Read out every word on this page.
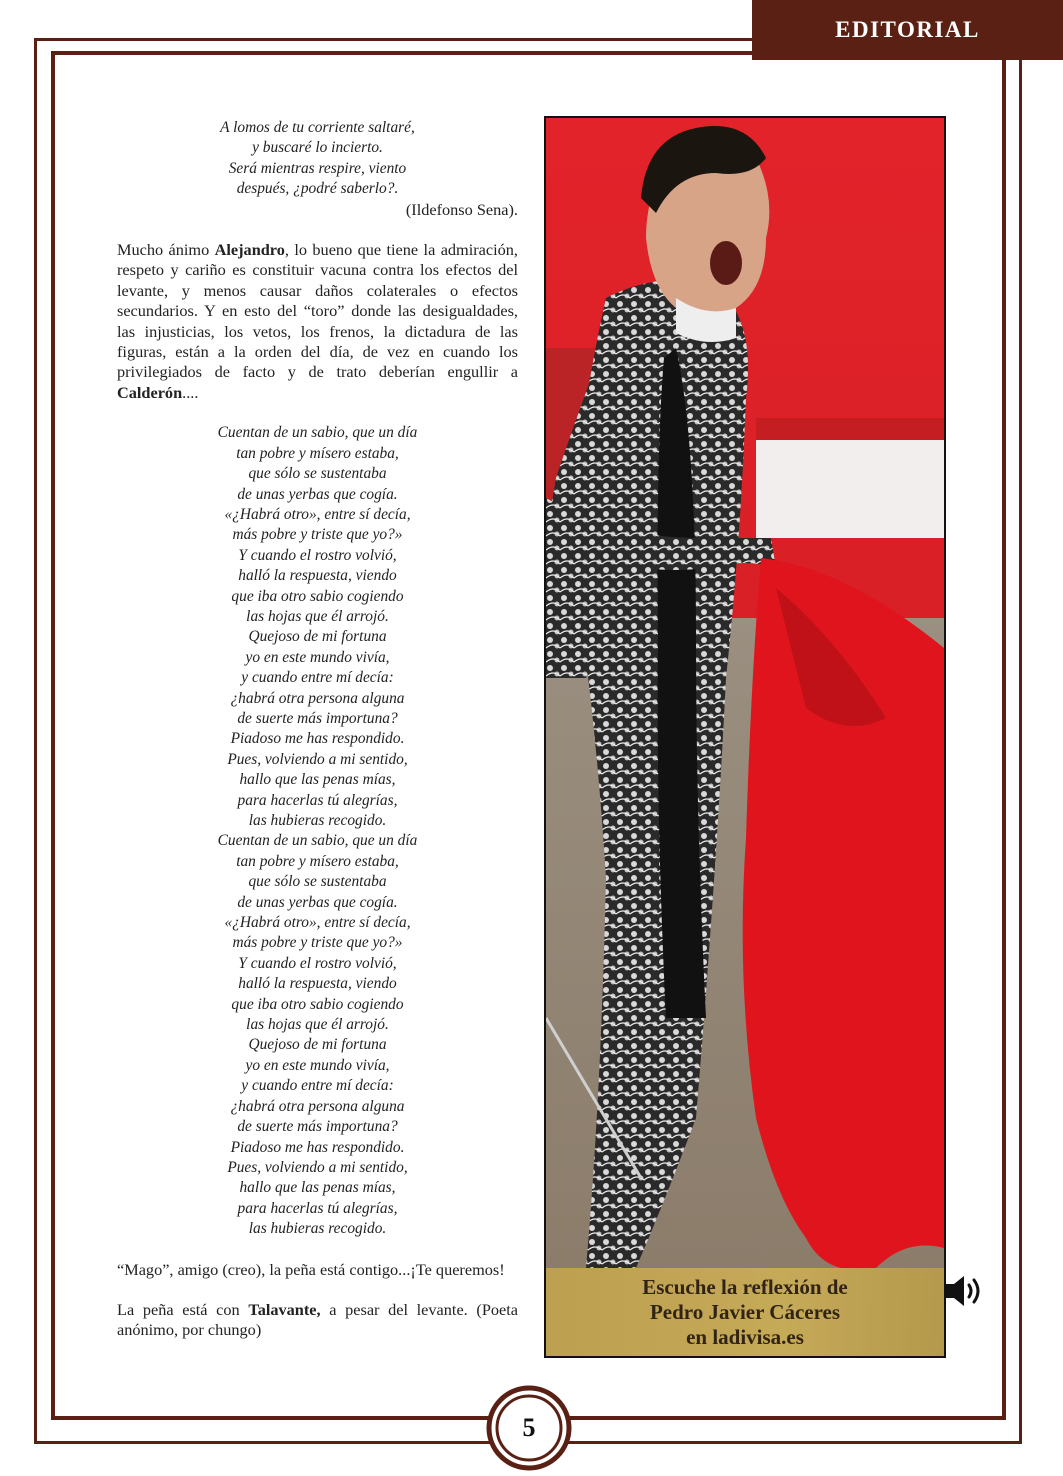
EDITORIAL
A lomos de tu corriente saltaré,
y buscaré lo incierto.
Será mientras respire, viento
después, ¿podré saberlo?.
(Ildefonso Sena).

Mucho ánimo Alejandro, lo bueno que tiene la admiración, respeto y cariño es constituir vacuna contra los efectos del levante, y menos causar daños colaterales o efectos secundarios. Y en esto del “toro” donde las desigualdades, las injusticias, los vetos, los frenos, la dictadura de las figuras, están a la orden del día, de vez en cuando los privilegiados de facto y de trato deberían engullir a Calderón....

Cuentan de un sabio, que un día
tan pobre y mísero estaba,
que sólo se sustentaba
de unas yerbas que cogía.
«¿Habrá otro», entre sí decía,
más pobre y triste que yo?»
Y cuando el rostro volvió,
halló la respuesta, viendo
que iba otro sabio cogiendo
las hojas que él arrojó.
Quejoso de mi fortuna
yo en este mundo vivía,
y cuando entre mí decía:
¿habrá otra persona alguna
de suerte más importuna?
Piadoso me has respondido.
Pues, volviendo a mi sentido,
hallo que las penas mías,
para hacerlas tú alegrías,
las hubieras recogido.
Cuentan de un sabio, que un día
tan pobre y mísero estaba,
que sólo se sustentaba
de unas yerbas que cogía.
«¿Habrá otro», entre sí decía,
más pobre y triste que yo?»
Y cuando el rostro volvió,
halló la respuesta, viendo
que iba otro sabio cogiendo
las hojas que él arrojó.
Quejoso de mi fortuna
yo en este mundo vivía,
y cuando entre mí decía:
¿habrá otra persona alguna
de suerte más importuna?
Piadoso me has respondido.
Pues, volviendo a mi sentido,
hallo que las penas mías,
para hacerlas tú alegrías,
las hubieras recogido.

“Mago”, amigo (creo), la peña está contigo...¡Te queremos!

La peña está con Talavante, a pesar del levante. (Poeta anónimo, por chungo)

Escuche la reflexión de
Pedro Javier Cáceres
en ladivisa.es
5
